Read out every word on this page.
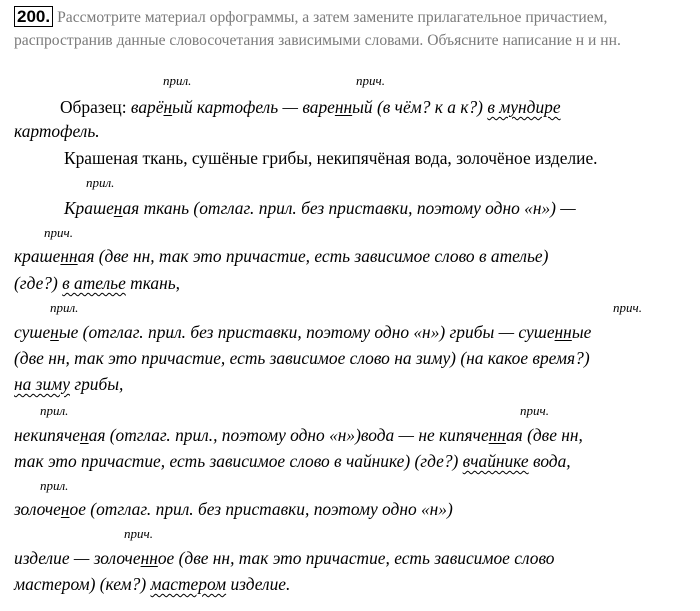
200. Рассмотрите материал орфограммы, а затем замените прилагательное причастием, распространив данные словосочетания зависимыми словами. Объясните написание н и нн.
прил.	прич.
Образец: варёный картофель — варенный (в чём? к а к?) в мундире
картофель.
Крашеная ткань, сушёные грибы, некипячёная вода, золочёное изделие.
прил.
Крашеная ткань (отглаг. прил. без приставки, поэтому одно «н») —
прич.
крашенная (две нн, так это причастие, есть зависимое слово в ателье)
(где?) в ателье ткань,
прил.	прич.
сушеные (отглаг. прил. без приставки, поэтому одно «н») грибы — сушенные
(две нн, так это причастие, есть зависимое слово на зиму) (на какое время?)
на зиму грибы,
прил.	прич.
некипяченая (отглаг. прил., поэтому одно «н»)вода — не кипяченная (две нн,
так это причастие, есть зависимое слово в чайнике) (где?) вчайнике вода,
прил.
золоченое (отглаг. прил. без приставки, поэтому одно «н»)
прич.
изделие — золоченное (две нн, так это причастие, есть зависимое слово
мастером) (кем?) мастером изделие.
